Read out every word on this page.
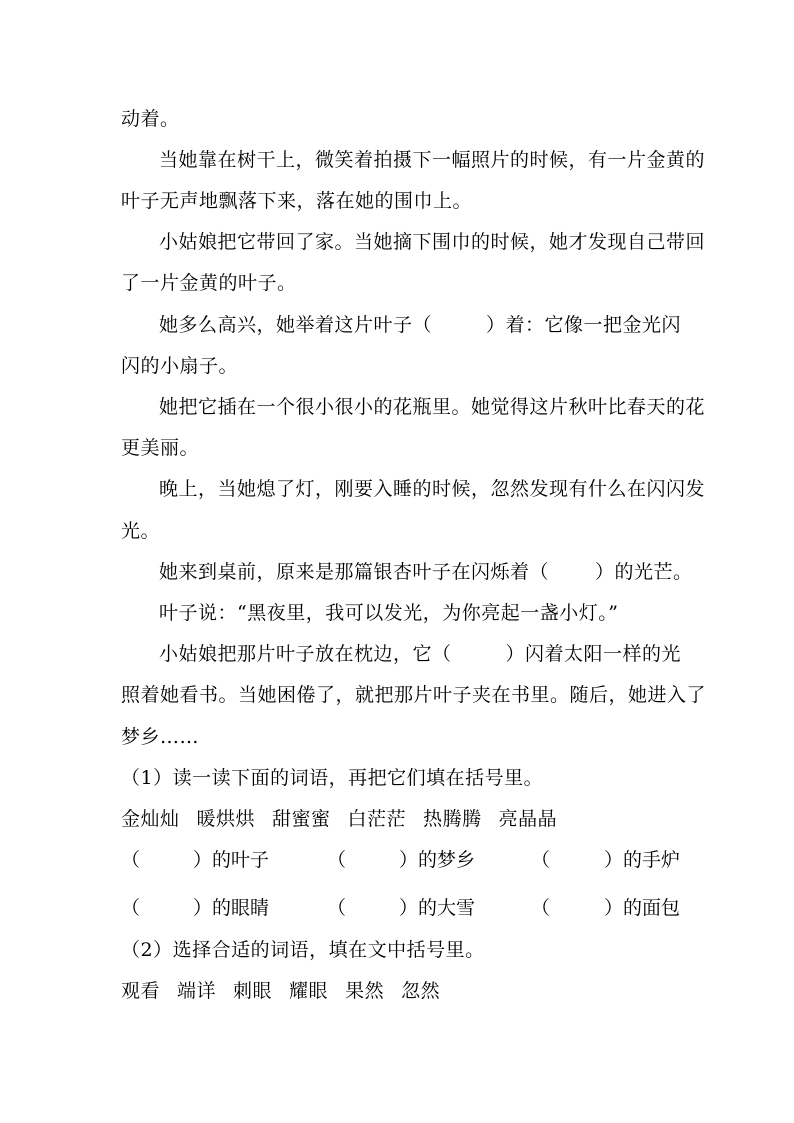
动着。
当她靠在树干上，微笑着拍摄下一幅照片的时候，有一片金黄的
叶子无声地飘落下来，落在她的围巾上。
小姑娘把它带回了家。当她摘下围巾的时候，她才发现自己带回
了一片金黄的叶子。
她多么高兴，她举着这片叶子（	）着：它像一把金光闪
闪的小扇子。
她把它插在一个很小很小的花瓶里。她觉得这片秋叶比春天的花
更美丽。
晚上，当她熄了灯，刚要入睡的时候，忽然发现有什么在闪闪发
光。
她来到桌前，原来是那篇银杏叶子在闪烁着（ ）的光芒。
叶子说：“黑夜里，我可以发光，为你亮起一盏小灯。”
小姑娘把那片叶子放在枕边，它（	）闪着太阳一样的光
照着她看书。当她困倦了，就把那片叶子夹在书里。随后，她进入了
梦乡……
（1）读一读下面的词语，再把它们填在括号里。
金灿灿 暖烘烘 甜蜜蜜 白茫茫 热腾腾 亮晶晶
（	）的叶子	（	）的梦乡	（	）的手炉
（	）的眼睛	（	）的大雪	（	）的面包
（2）选择合适的词语，填在文中括号里。
观看 端详 刺眼 耀眼 果然 忽然
